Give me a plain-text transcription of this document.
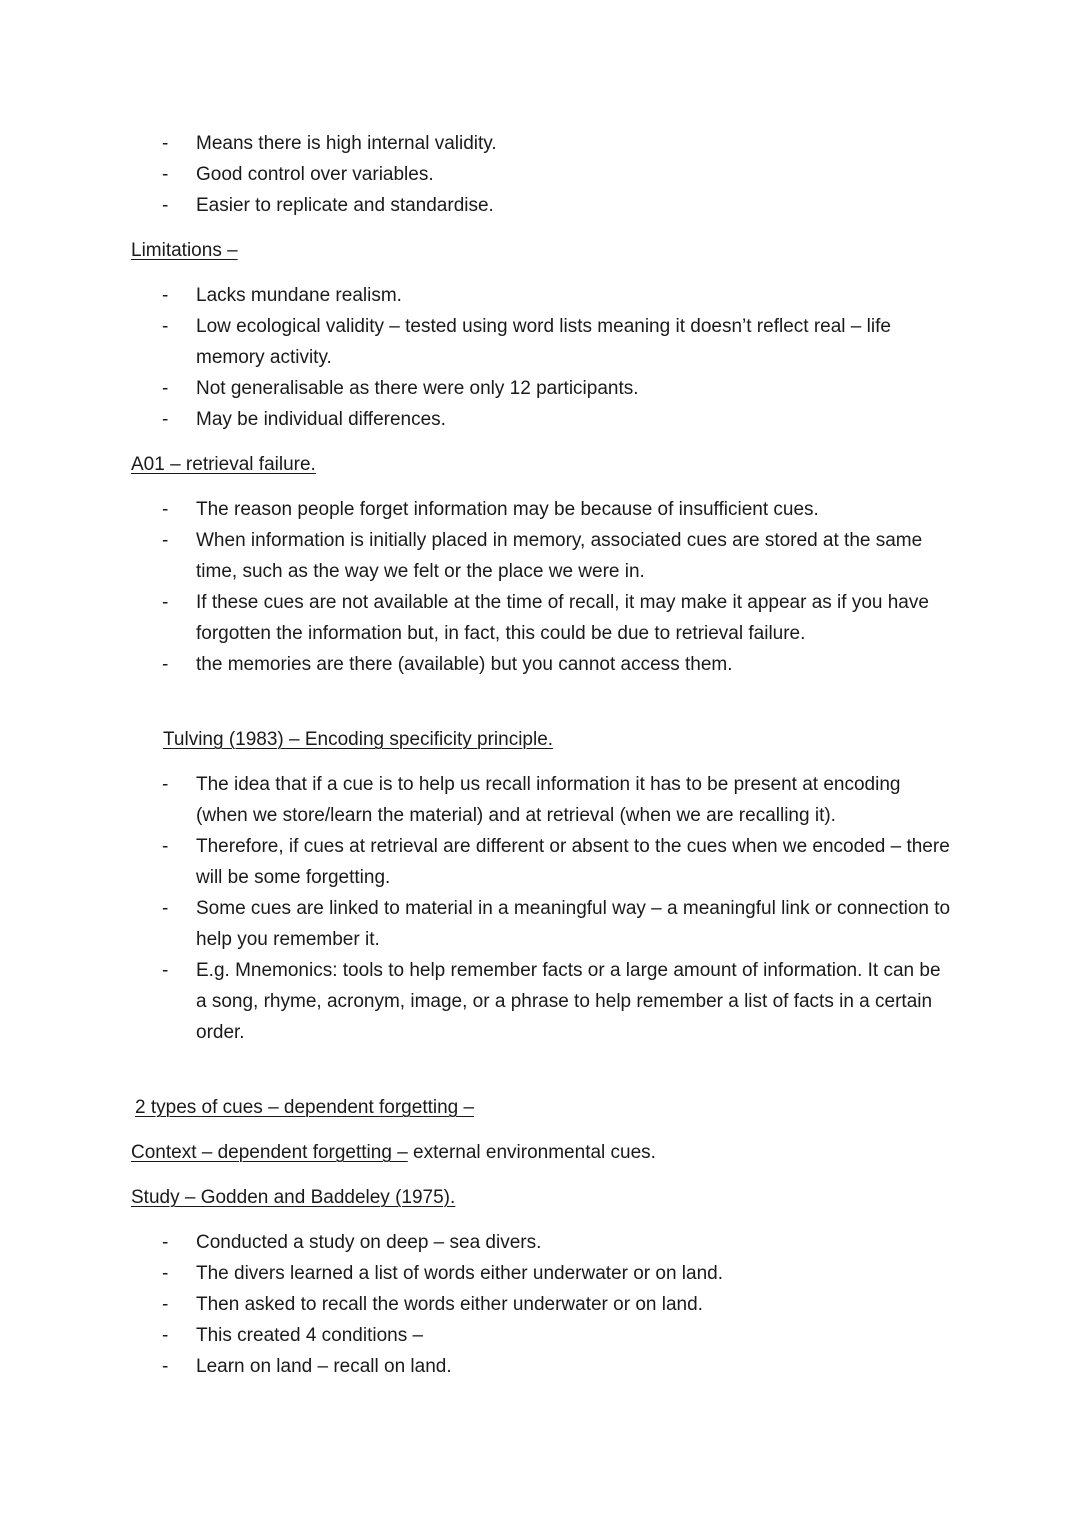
- Means there is high internal validity.
- Good control over variables.
- Easier to replicate and standardise.

Limitations –

- Lacks mundane realism.
- Low ecological validity – tested using word lists meaning it doesn’t reflect real – life memory activity.
- Not generalisable as there were only 12 participants.
- May be individual differences.

A01 – retrieval failure.

- The reason people forget information may be because of insufficient cues.
- When information is initially placed in memory, associated cues are stored at the same time, such as the way we felt or the place we were in.
- If these cues are not available at the time of recall, it may make it appear as if you have forgotten the information but, in fact, this could be due to retrieval failure.
- the memories are there (available) but you cannot access them.

Tulving (1983) – Encoding specificity principle.

- The idea that if a cue is to help us recall information it has to be present at encoding (when we store/learn the material) and at retrieval (when we are recalling it).
- Therefore, if cues at retrieval are different or absent to the cues when we encoded – there will be some forgetting.
- Some cues are linked to material in a meaningful way – a meaningful link or connection to help you remember it.
- E.g. Mnemonics: tools to help remember facts or a large amount of information. It can be a song, rhyme, acronym, image, or a phrase to help remember a list of facts in a certain order.

2 types of cues – dependent forgetting –

Context – dependent forgetting – external environmental cues.

Study – Godden and Baddeley (1975).

- Conducted a study on deep – sea divers.
- The divers learned a list of words either underwater or on land.
- Then asked to recall the words either underwater or on land.
- This created 4 conditions –
- Learn on land – recall on land.
